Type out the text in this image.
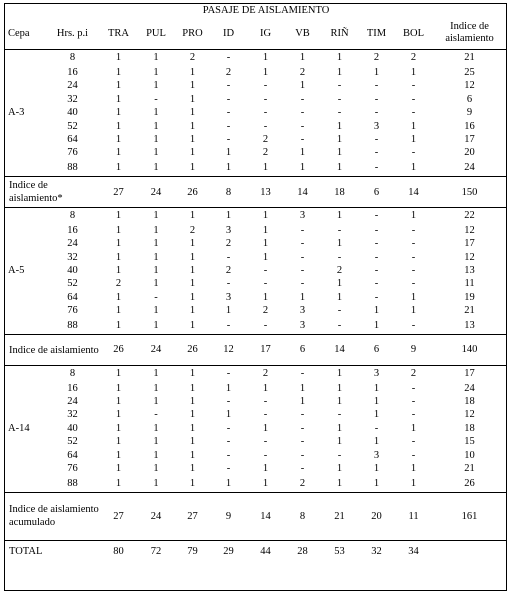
		PASAJE DE AISLAMIENTO									
Cepa	Hrs. p.i	TRA	PUL	PRO	ID	IG	VB	RIÑ	TIM	BOL	Indice de aislamiento
	8	1	1	2	-	1	1	1	2	2	21
	16	1	1	1	2	1	2	1	1	1	25
	24	1	1	1	-	-	1	-	-	-	12
	32	1	-	1	-	-	-	-	-	-	6
A-3	40	1	1	1	-	-	-	-	-	-	9
	52	1	1	1	-	-	-	1	3	1	16
	64	1	1	1	-	2	-	1	-	1	17
	76	1	1	1	1	2	1	1	-	-	20
	88	1	1	1	1	1	1	1	-	1	24
Indice de aislamiento*		27	24	26	8	13	14	18	6	14	150
	8	1	1	1	1	1	3	1	-	1	22
	16	1	1	2	3	1	-	-	-	-	12
	24	1	1	1	2	1	-	1	-	-	17
	32	1	1	1	-	1	-	-	-	-	12
A-5	40	1	1	1	2	-	-	2	-	-	13
	52	2	1	1	-	-	-	1	-	-	11
	64	1	-	1	3	1	1	1	-	1	19
	76	1	1	1	1	2	3	-	1	1	21
	88	1	1	1	-	-	3	-	1	-	13
Indice de aislamiento		26	24	26	12	17	6	14	6	9	140
	8	1	1	1	-	2	-	1	3	2	17
	16	1	1	1	1	1	1	1	1	-	24
	24	1	1	1	-	-	1	1	1	-	18
	32	1	-	1	1	-	-	-	1	-	12
A-14	40	1	1	1	-	1	-	1	-	1	18
	52	1	1	1	-	-	-	1	1	-	15
	64	1	1	1	-	-	-	-	3	-	10
	76	1	1	1	-	1	-	1	1	1	21
	88	1	1	1	1	1	2	1	1	1	26
Indice de aislamiento acumulado		27	24	27	9	14	8	21	20	11	161
TOTAL		80	72	79	29	44	28	53	32	34	
